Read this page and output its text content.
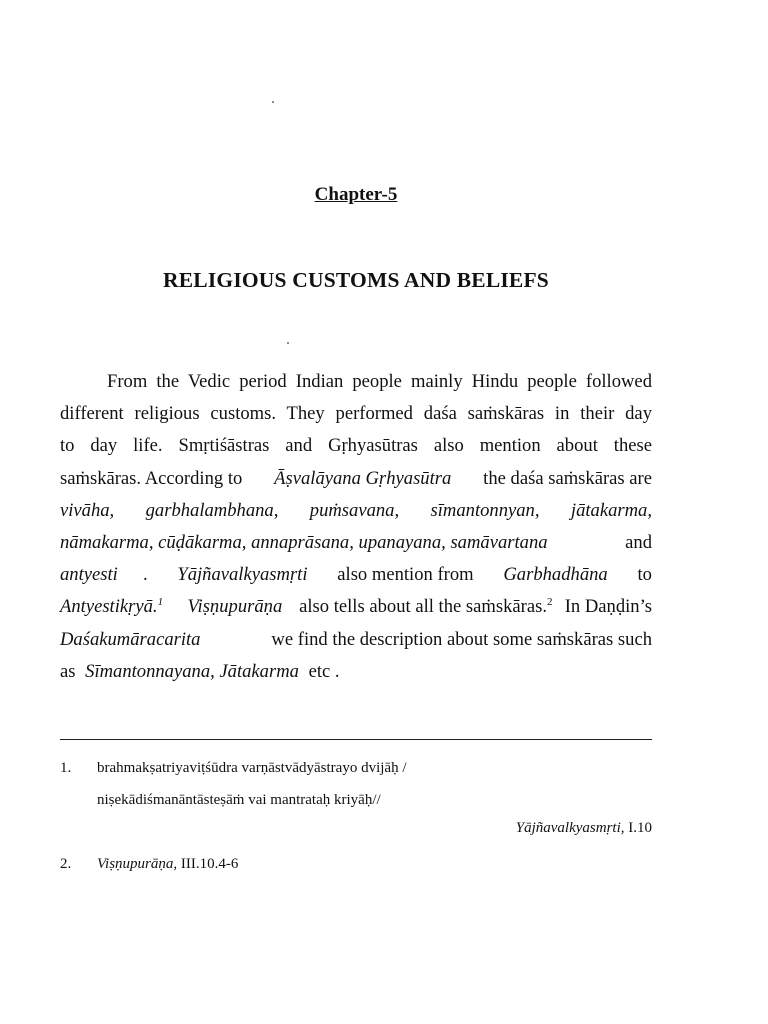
Chapter-5
RELIGIOUS CUSTOMS AND BELIEFS
From the Vedic period Indian people mainly Hindu people followed
different religious customs. They performed daśa saṁskāras in their day
to day life. Smṛtiśāstras and Gṛhyasūtras also mention about these
saṁskāras. According to Āṣvalāyana Gṛhyasūtra the daśa saṁskāras are
vivāha, garbhalambhana, puṁsavana, sīmantonnyan, jātakarma,
nāmakarma, cūḍākarma, annaprāsana, upanayana, samāvartana	and
antyesti . Yājñavalkyasmṛti also mention from Garbhadhāna to
Antyestikṛyā.$^1$
Viṣṇupurāṇa also tells about all the saṁskāras.$^2$ In Daṇḍin’s
Daśakumāracarita	we find the description about some saṁskāras such
as Sīmantonnayana, Jātakarma etc .
1. brahmakṣatriyaviṭśūdra varṇāstvādyāstrayo dvijāḥ /
niṣekādiśmanāntāsteṣāṁ vai mantrataḥ kriyāḥ//
Yājñavalkyasmṛti, I.10
2. Viṣṇupurāṇa, III.10.4-6
